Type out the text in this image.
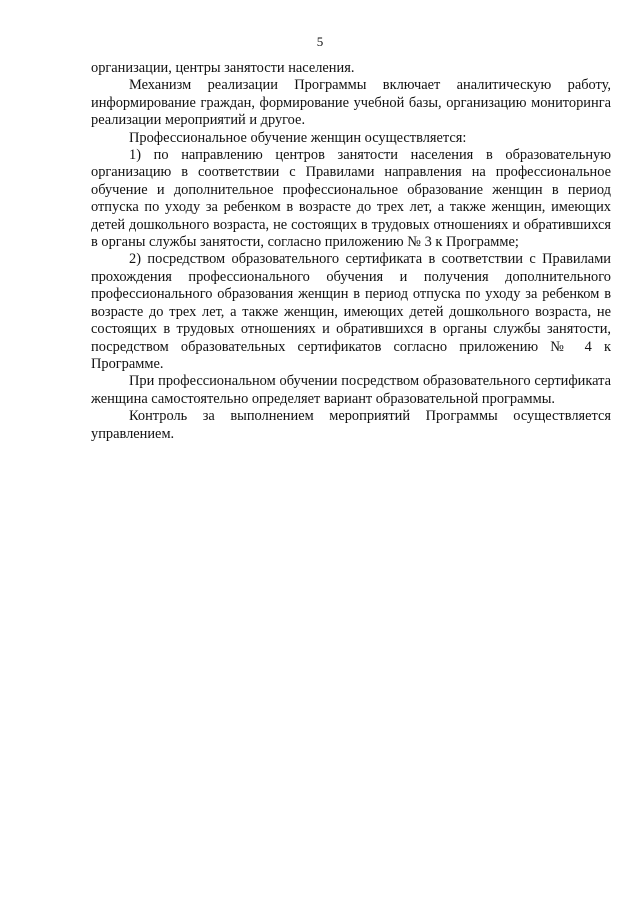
5

организации, центры занятости населения.

Механизм реализации Программы включает аналитическую работу, информирование граждан, формирование учебной базы, организацию мониторинга реализации мероприятий и другое.

Профессиональное обучение женщин осуществляется:

1) по направлению центров занятости населения в образовательную организацию в соответствии с Правилами направления на профессиональное обучение и дополнительное профессиональное образование женщин в период отпуска по уходу за ребенком в возрасте до трех лет, а также женщин, имеющих детей дошкольного возраста, не состоящих в трудовых отношениях и обратившихся в органы службы занятости, согласно приложению № 3 к Программе;

2) посредством образовательного сертификата в соответствии с Правилами прохождения профессионального обучения и получения дополнительного профессионального образования женщин в период отпуска по уходу за ребенком в возрасте до трех лет, а также женщин, имеющих детей дошкольного возраста, не состоящих в трудовых отношениях и обратившихся в органы службы занятости, посредством образовательных сертификатов согласно приложению № 4 к Программе.

При профессиональном обучении посредством образовательного сертификата женщина самостоятельно определяет вариант образовательной программы.

Контроль за выполнением мероприятий Программы осуществляется управлением.
